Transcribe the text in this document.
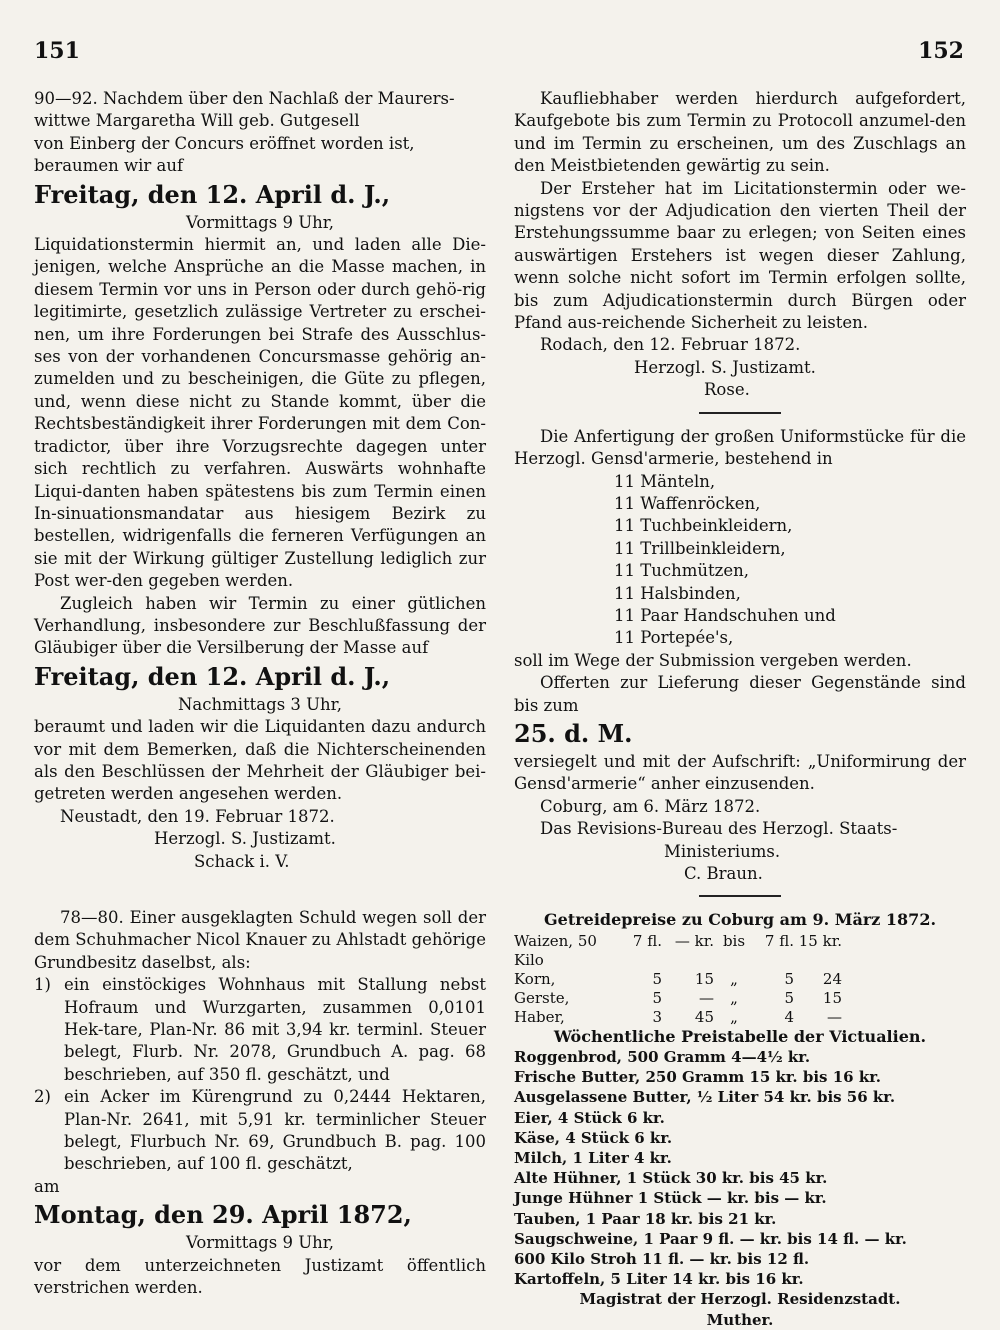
151	152

90—92. Nachdem über den Nachlaß der Maurers-

wittwe Margaretha Will geb. Gutgesell

von Einberg der Concurs eröffnet worden ist,

beraumen wir auf

Freitag, den 12. April d. J.,

Vormittags 9 Uhr,

Liquidationstermin hiermit an, und laden alle Die-jenigen, welche Ansprüche an die Masse machen, in diesem Termin vor uns in Person oder durch gehö-rig legitimirte, gesetzlich zulässige Vertreter zu erschei-nen, um ihre Forderungen bei Strafe des Ausschlus-ses von der vorhandenen Concursmasse gehörig an-zumelden und zu bescheinigen, die Güte zu pflegen, und, wenn diese nicht zu Stande kommt, über die Rechtsbeständigkeit ihrer Forderungen mit dem Con-tradictor, über ihre Vorzugsrechte dagegen unter sich rechtlich zu verfahren. Auswärts wohnhafte Liqui-danten haben spätestens bis zum Termin einen In-sinuationsmandatar aus hiesigem Bezirk zu bestellen, widrigenfalls die ferneren Verfügungen an sie mit der Wirkung gültiger Zustellung lediglich zur Post wer-den gegeben werden.

Zugleich haben wir Termin zu einer gütlichen Verhandlung, insbesondere zur Beschlußfassung der Gläubiger über die Versilberung der Masse auf

Freitag, den 12. April d. J.,

Nachmittags 3 Uhr,

beraumt und laden wir die Liquidanten dazu andurch vor mit dem Bemerken, daß die Nichterscheinenden als den Beschlüssen der Mehrheit der Gläubiger bei-getreten werden angesehen werden.

Neustadt, den 19. Februar 1872.

Herzogl. S. Justizamt.

Schack i. V.

78—80. Einer ausgeklagten Schuld wegen soll der dem Schuhmacher Nicol Knauer zu Ahlstadt gehörige Grundbesitz daselbst, als:

1) ein einstöckiges Wohnhaus mit Stallung nebst Hofraum und Wurzgarten, zusammen 0,0101 Hek-tare, Plan-Nr. 86 mit 3,94 kr. terminl. Steuer belegt, Flurb. Nr. 2078, Grundbuch A. pag. 68 beschrieben, auf 350 fl. geschätzt, und

2) ein Acker im Kürengrund zu 0,2444 Hektaren, Plan-Nr. 2641, mit 5,91 kr. terminlicher Steuer belegt, Flurbuch Nr. 69, Grundbuch B. pag. 100 beschrieben, auf 100 fl. geschätzt,

am

Montag, den 29. April 1872,

Vormittags 9 Uhr,

vor dem unterzeichneten Justizamt öffentlich verstrichen werden.

Kaufliebhaber werden hierdurch aufgefordert, Kaufgebote bis zum Termin zu Protocoll anzumel-den und im Termin zu erscheinen, um des Zuschlags an den Meistbietenden gewärtig zu sein.

Der Ersteher hat im Licitationstermin oder we-nigstens vor der Adjudication den vierten Theil der Erstehungssumme baar zu erlegen; von Seiten eines auswärtigen Erstehers ist wegen dieser Zahlung, wenn solche nicht sofort im Termin erfolgen sollte, bis zum Adjudicationstermin durch Bürgen oder Pfand aus-reichende Sicherheit zu leisten.

Rodach, den 12. Februar 1872.

Herzogl. S. Justizamt.

Rose.

Die Anfertigung der großen Uniformstücke für die Herzogl. Gensd'armerie, bestehend in

11 Mänteln,

11 Waffenröcken,

11 Tuchbeinkleidern,

11 Trillbeinkleidern,

11 Tuchmützen,

11 Halsbinden,

11 Paar Handschuhen und

11 Portepée's,

soll im Wege der Submission vergeben werden.

Offerten zur Lieferung dieser Gegenstände sind bis zum

25. d. M.

versiegelt und mit der Aufschrift: „Uniformirung der Gensd'armerie“ anher einzusenden.

Coburg, am 6. März 1872.

Das Revisions-Bureau des Herzogl. Staats-

Ministeriums.

C. Braun.

Getreidepreise zu Coburg am 9. März 1872.

Waizen, 50 Kilo
7 fl. — kr. bis	7 fl. 15 kr.
Korn,	5	15	„	5	24
Gerste,	5	—	„	5	15
Haber,	3	45	„	4	—

Wöchentliche Preistabelle der Victualien.

Roggenbrod, 500 Gramm 4—4½ kr.

Frische Butter, 250 Gramm 15 kr. bis 16 kr.

Ausgelassene Butter, ½ Liter 54 kr. bis 56 kr.

Eier, 4 Stück 6 kr.

Käse, 4 Stück 6 kr.

Milch, 1 Liter 4 kr.

Alte Hühner, 1 Stück 30 kr. bis 45 kr.

Junge Hühner 1 Stück — kr. bis — kr.

Tauben, 1 Paar 18 kr. bis 21 kr.

Saugschweine, 1 Paar 9 fl. — kr. bis 14 fl. — kr.

600 Kilo Stroh 11 fl. — kr. bis 12 fl.

Kartoffeln, 5 Liter 14 kr. bis 16 kr.

Magistrat der Herzogl. Residenzstadt.

Muther.
